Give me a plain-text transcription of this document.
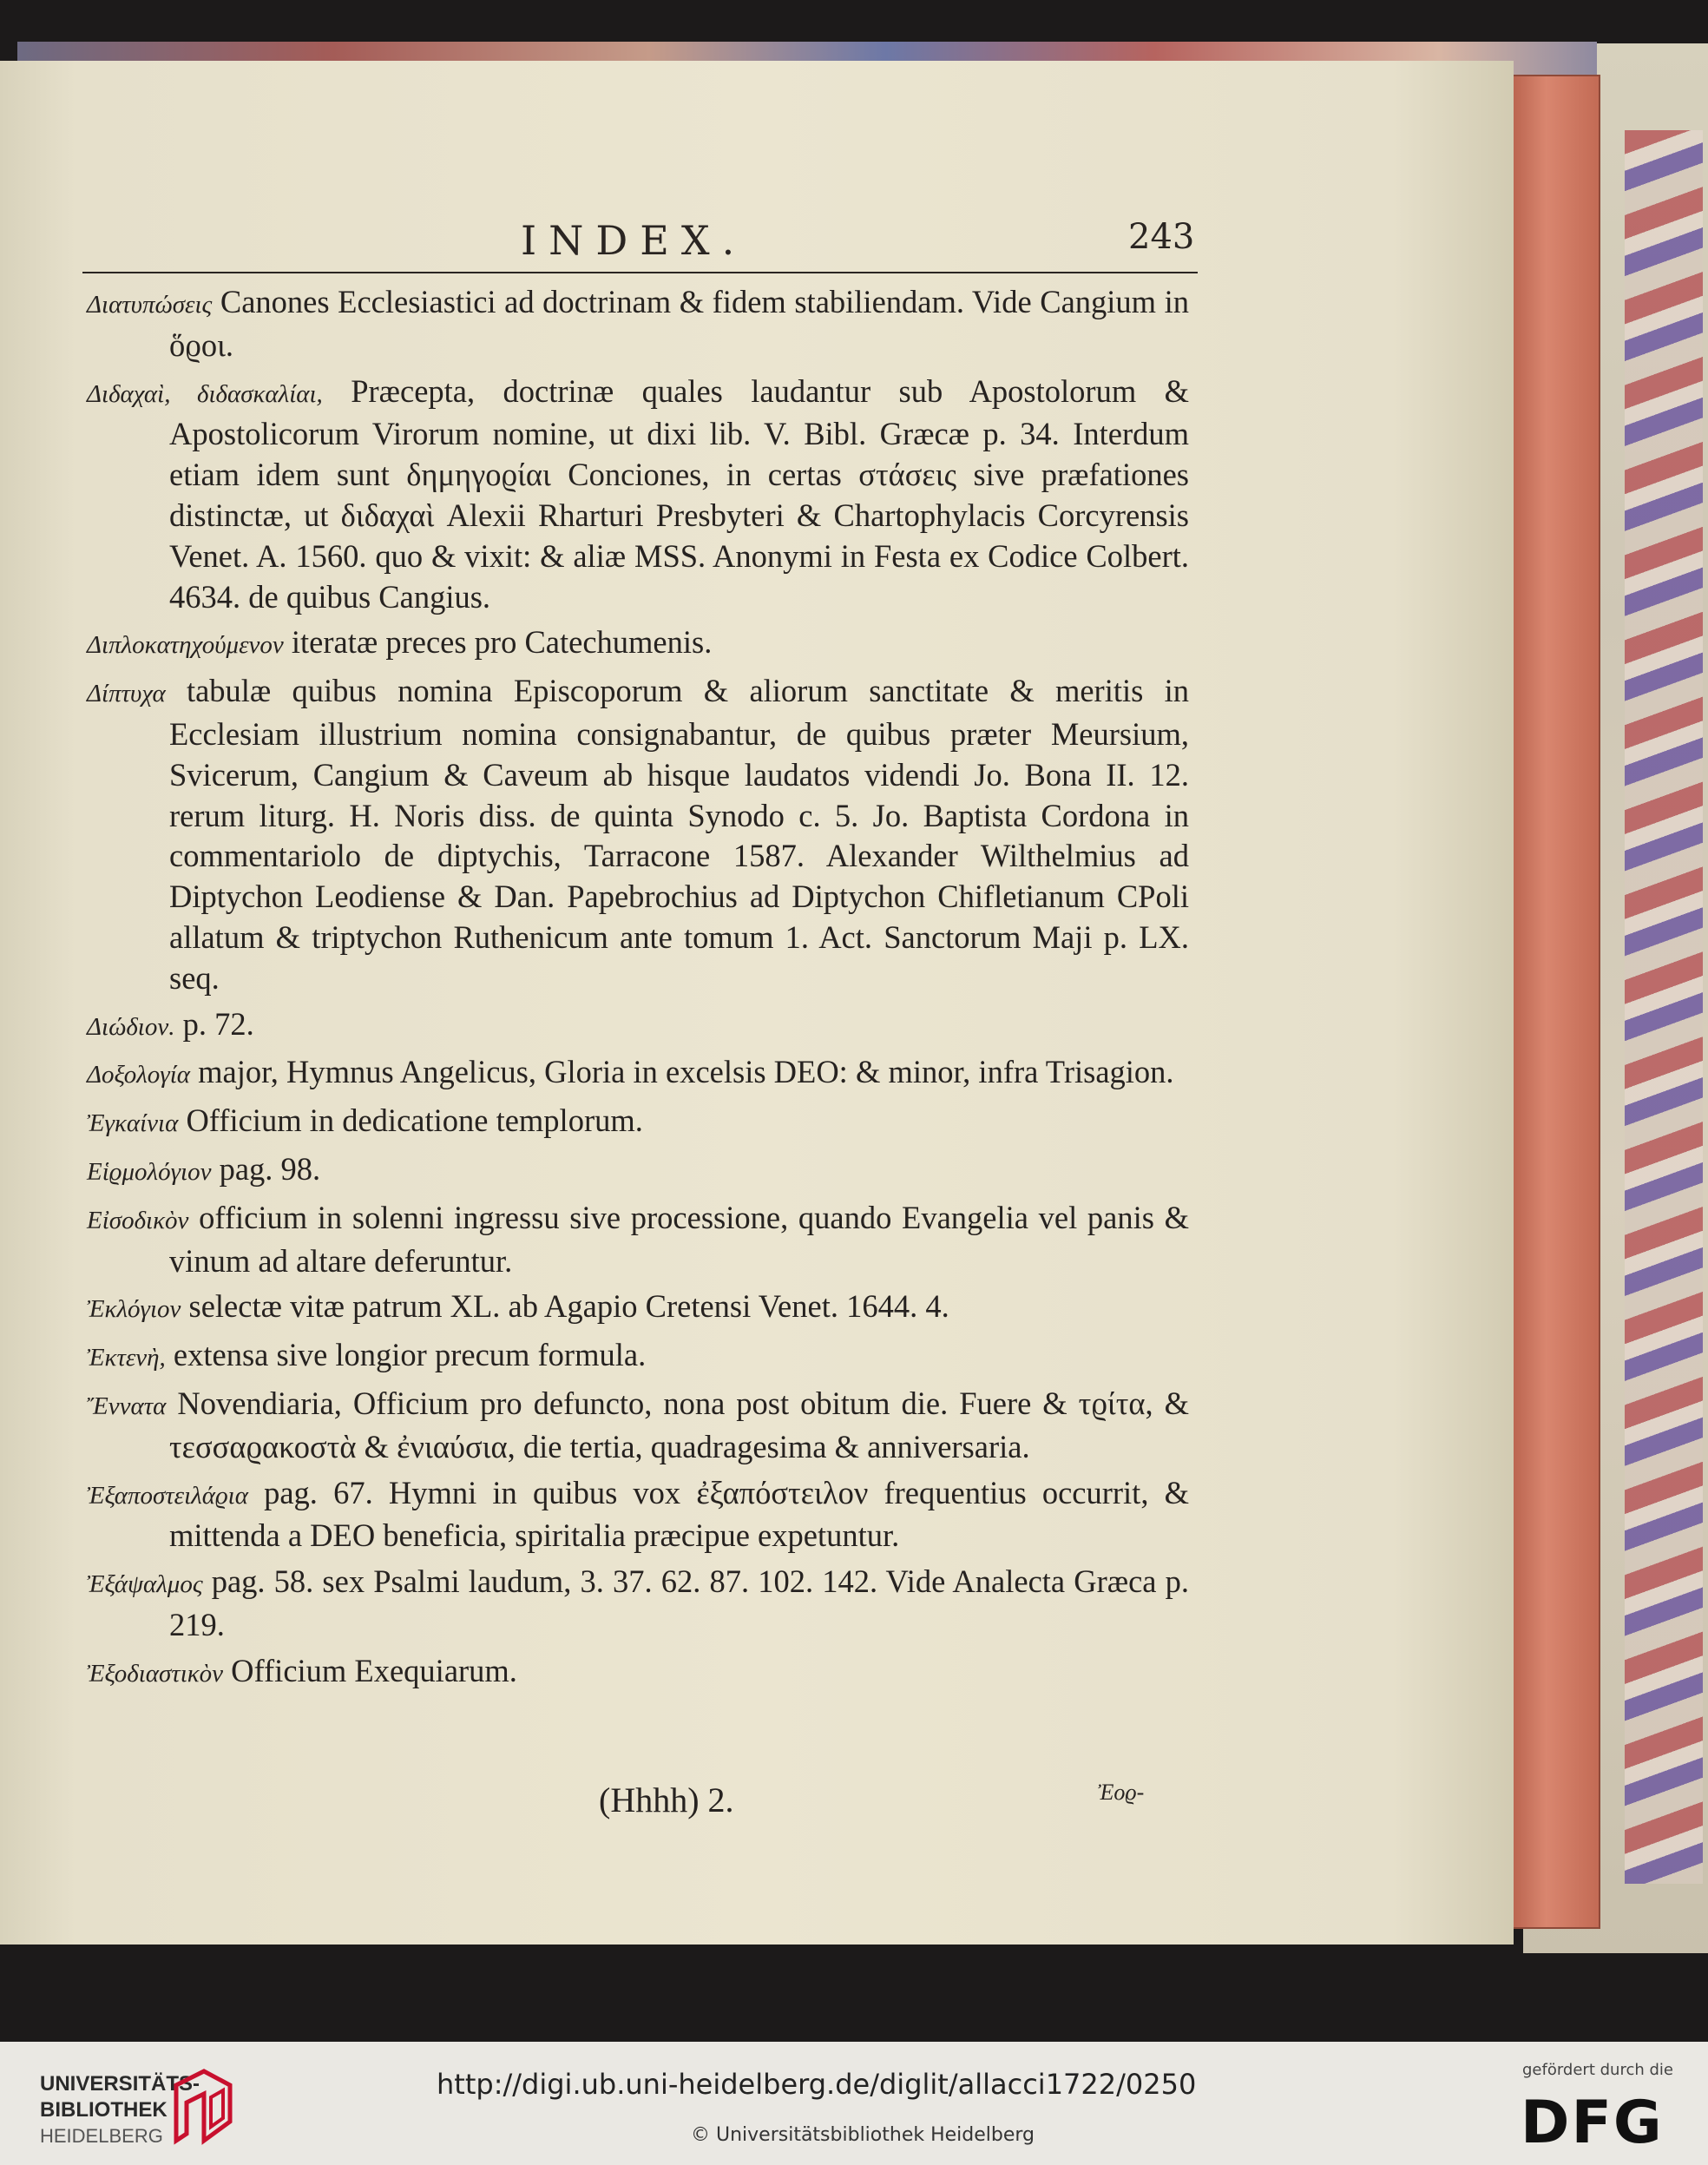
INDEX.	243
Διατυπώσεις Canones Ecclesiastici ad doctrinam & fidem stabiliendam. Vide Cangium in ὅϱοι.
Διδαχαὶ, διδασκαλίαι, Præcepta, doctrinæ quales laudantur sub Apostolorum & Apostolicorum Virorum nomine, ut dixi lib. V. Bibl. Græcæ p. 34. Interdum etiam idem sunt δημηγοϱίαι Conciones, in certas στάσεις sive præfationes distinctæ, ut διδαχαὶ Alexii Rharturi Presbyteri & Chartophylacis Corcyrensis Venet. A. 1560. quo & vixit: & aliæ MSS. Anonymi in Festa ex Codice Colbert. 4634. de quibus Cangius.
Διπλοκατηχούμενον iteratæ preces pro Catechumenis.
Δίπτυχα tabulæ quibus nomina Episcoporum & aliorum sanctitate & meritis in Ecclesiam illustrium nomina consignabantur, de quibus præter Meursium, Svicerum, Cangium & Caveum ab hisque laudatos videndi Jo. Bona II. 12. rerum liturg. H. Noris diss. de quinta Synodo c. 5. Jo. Baptista Cordona in commentariolo de diptychis, Tarracone 1587. Alexander Wilthelmius ad Diptychon Leodiense & Dan. Papebrochius ad Diptychon Chifletianum CPoli allatum & triptychon Ruthenicum ante tomum 1. Act. Sanctorum Maji p. LX. seq.
Διώδιον. p. 72.
Δοξολογία major, Hymnus Angelicus, Gloria in excelsis DEO: & minor, infra Trisagion.
Ἐγκαίνια Officium in dedicatione templorum.
Εἱϱμολόγιον pag. 98.
Εἰσοδικὸν officium in solenni ingressu sive processione, quando Evangelia vel panis & vinum ad altare deferuntur.
Ἐκλόγιον selectæ vitæ patrum XL. ab Agapio Cretensi Venet. 1644. 4.
Ἐκτενὴ, extensa sive longior precum formula.
Ἔννατα Novendiaria, Officium pro defuncto, nona post obitum die. Fuere & τϱίτα, & τεσσαϱακοστὰ & ἐνιαύσια, die tertia, quadragesima & anniversaria.
Ἐξαποστειλάϱια pag. 67. Hymni in quibus vox ἐξαπόστειλον frequentius occurrit, & mittenda a DEO beneficia, spiritalia præcipue expetuntur.
Ἐξάψαλμος pag. 58. sex Psalmi laudum, 3. 37. 62. 87. 102. 142. Vide Analecta Græca p. 219.
Ἐξοδιαστικὸν Officium Exequiarum.
(Hhhh) 2.	Ἐοϱ-
UNIVERSITÄTS-
BIBLIOTHEK
HEIDELBERG
http://digi.ub.uni-heidelberg.de/diglit/allacci1722/0250
© Universitätsbibliothek Heidelberg
gefördert durch die
DFG
